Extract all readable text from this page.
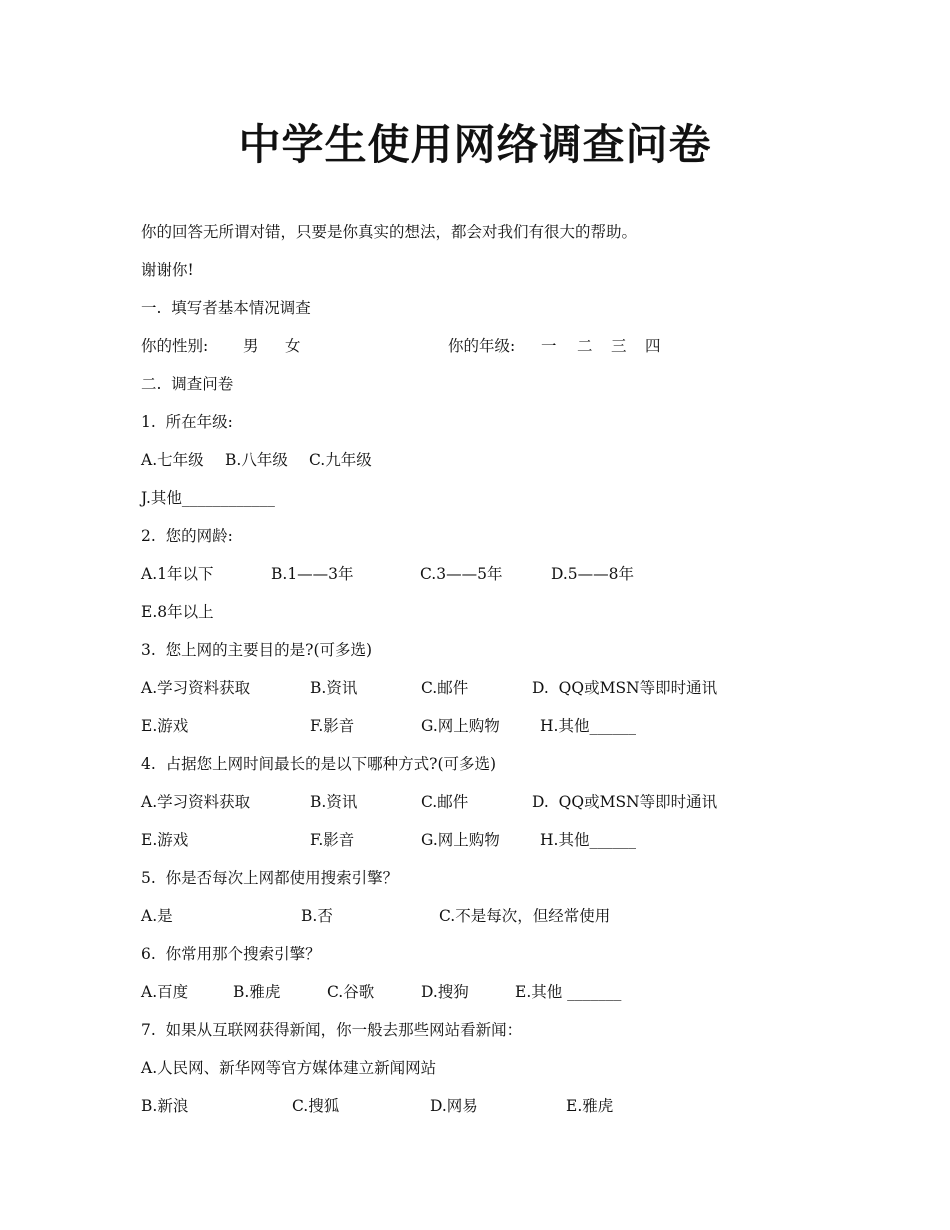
中学生使用网络调查问卷
你的回答无所谓对错，只要是你真实的想法，都会对我们有很大的帮助。
谢谢你!
一.  填写者基本情况调查

你的性别:

男

女

	你的年级:

一

二

三

四

二.  调查问卷
1.  所在年级:

A.七年级

B.八年级

C.九年级

J.其他____________
2.  您的网龄:

A.1年以下

	B.1——3年

	C.3——5年

	D.5——8年

E.8年以上
3.  您上网的主要目的是?(可多选)

A.学习资料获取

	B.资讯

	C.邮件

	D.  QQ或MSN等即时通讯

E.游戏

	F.影音

	G.网上购物

	H.其他______

4.  占据您上网时间最长的是以下哪种方式?(可多选)

A.学习资料获取

	B.资讯

	C.邮件

	D.  QQ或MSN等即时通讯

E.游戏

	F.影音

	G.网上购物

	H.其他______

5.  你是否每次上网都使用搜索引擎？

A.是

	B.否

	C.不是每次，但经常使用

6.  你常用那个搜索引擎？

A.百度

	B.雅虎

	C.谷歌

	D.搜狗

	E.其他 _______

7.  如果从互联网获得新闻，你一般去那些网站看新闻：
A.人民网、新华网等官方媒体建立新闻网站

B.新浪

	C.搜狐

	D.网易

	E.雅虎
